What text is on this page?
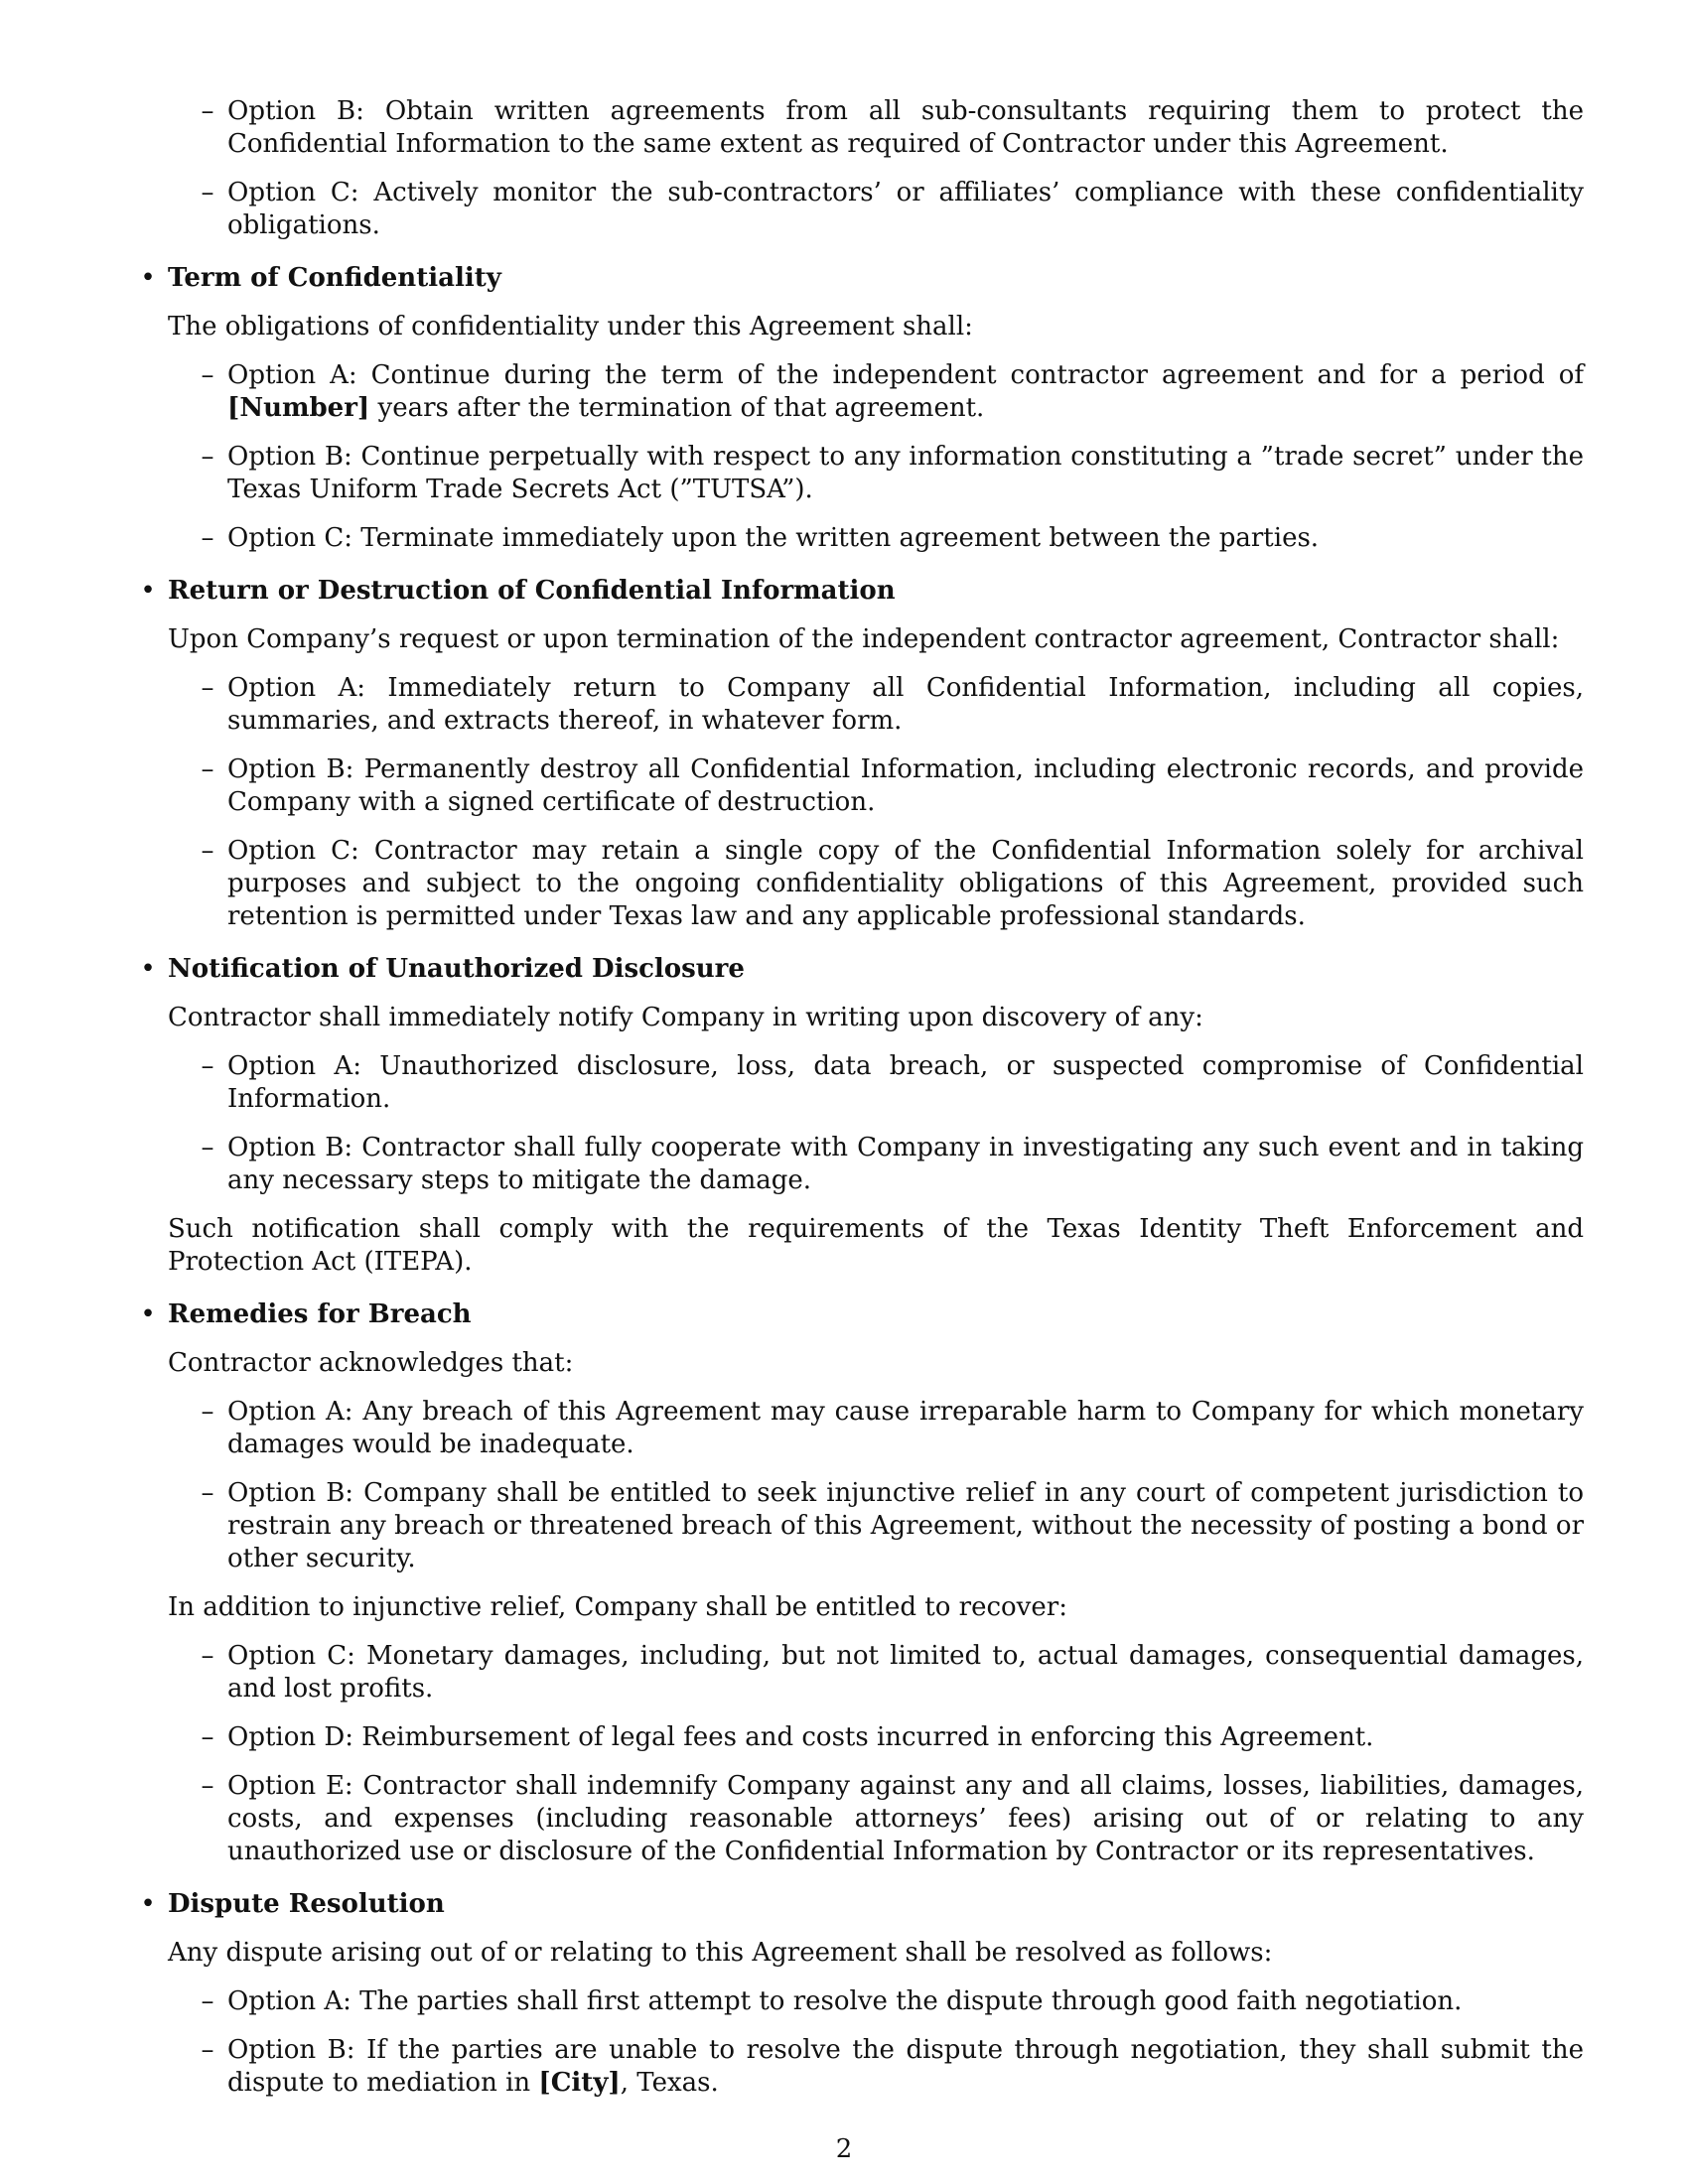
– Option B: Obtain written agreements from all sub-consultants requiring them to protect the Confidential Information to the same extent as required of Contractor under this Agreement.
– Option C: Actively monitor the sub-contractors’ or affiliates’ compliance with these confidentiality obligations.
• Term of Confidentiality
The obligations of confidentiality under this Agreement shall:
– Option A: Continue during the term of the independent contractor agreement and for a period of [Number] years after the termination of that agreement.
– Option B: Continue perpetually with respect to any information constituting a ”trade secret” under the Texas Uniform Trade Secrets Act (”TUTSA”).
– Option C: Terminate immediately upon the written agreement between the parties.
• Return or Destruction of Confidential Information
Upon Company’s request or upon termination of the independent contractor agreement, Contractor shall:
– Option A: Immediately return to Company all Confidential Information, including all copies, summaries, and extracts thereof, in whatever form.
– Option B: Permanently destroy all Confidential Information, including electronic records, and provide Company with a signed certificate of destruction.
– Option C: Contractor may retain a single copy of the Confidential Information solely for archival purposes and subject to the ongoing confidentiality obligations of this Agreement, provided such retention is permitted under Texas law and any applicable professional standards.
• Notification of Unauthorized Disclosure
Contractor shall immediately notify Company in writing upon discovery of any:
– Option A: Unauthorized disclosure, loss, data breach, or suspected compromise of Confidential Information.
– Option B: Contractor shall fully cooperate with Company in investigating any such event and in taking any necessary steps to mitigate the damage.
Such notification shall comply with the requirements of the Texas Identity Theft Enforcement and Protection Act (ITEPA).
• Remedies for Breach
Contractor acknowledges that:
– Option A: Any breach of this Agreement may cause irreparable harm to Company for which monetary damages would be inadequate.
– Option B: Company shall be entitled to seek injunctive relief in any court of competent jurisdiction to restrain any breach or threatened breach of this Agreement, without the necessity of posting a bond or other security.
In addition to injunctive relief, Company shall be entitled to recover:
– Option C: Monetary damages, including, but not limited to, actual damages, consequential damages, and lost profits.
– Option D: Reimbursement of legal fees and costs incurred in enforcing this Agreement.
– Option E: Contractor shall indemnify Company against any and all claims, losses, liabilities, damages, costs, and expenses (including reasonable attorneys’ fees) arising out of or relating to any unauthorized use or disclosure of the Confidential Information by Contractor or its representatives.
• Dispute Resolution
Any dispute arising out of or relating to this Agreement shall be resolved as follows:
– Option A: The parties shall first attempt to resolve the dispute through good faith negotiation.
– Option B: If the parties are unable to resolve the dispute through negotiation, they shall submit the dispute to mediation in [City], Texas.
2
